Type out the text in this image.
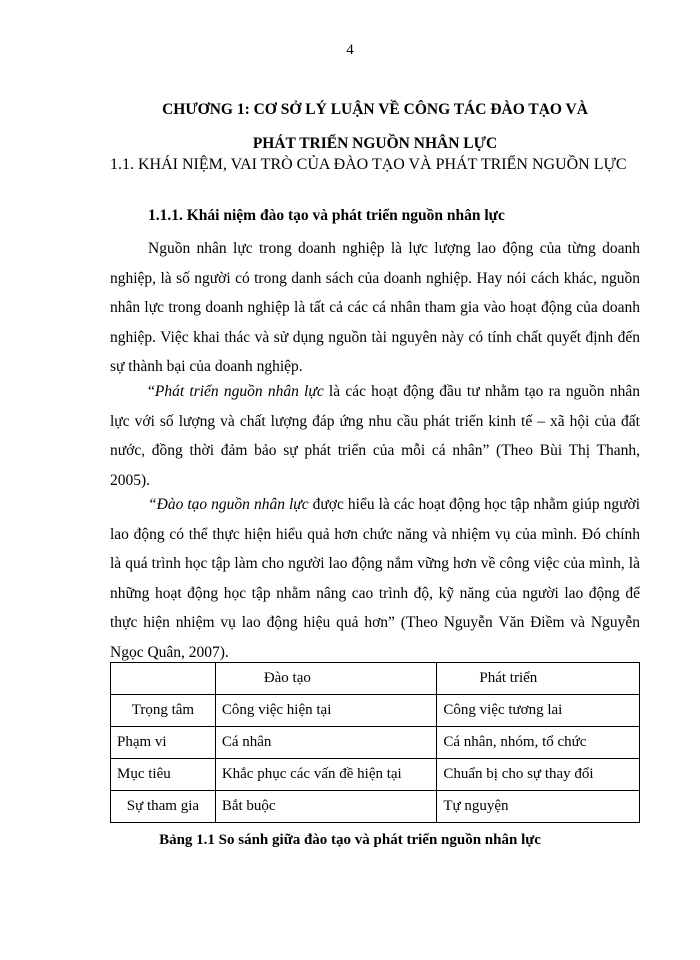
4
CHƯƠNG 1: CƠ SỞ LÝ LUẬN VỀ CÔNG TÁC ĐÀO TẠO VÀ
PHÁT TRIỂN NGUỒN NHÂN LỰC
1.1. KHÁI NIỆM, VAI TRÒ CỦA ĐÀO TẠO VÀ PHÁT TRIỂN NGUỒN LỰC
1.1.1. Khái niệm đào tạo và phát triển nguồn nhân lực

Nguồn nhân lực trong doanh nghiệp là lực lượng lao động của từng doanh nghiệp, là số người có trong danh sách của doanh nghiệp. Hay nói cách khác, nguồn nhân lực trong doanh nghiệp là tất cả các cá nhân tham gia vào hoạt động của doanh nghiệp. Việc khai thác và sử dụng nguồn tài nguyên này có tính chất quyết định đến sự thành bại của doanh nghiệp.

“Phát triển nguồn nhân lực là các hoạt động đầu tư nhằm tạo ra nguồn nhân lực với số lượng và chất lượng đáp ứng nhu cầu phát triển kinh tế – xã hội của đất nước, đồng thời đảm bảo sự phát triển của mỗi cá nhân” (Theo Bùi Thị Thanh, 2005).

“Đào tạo nguồn nhân lực được hiểu là các hoạt động học tập nhằm giúp người lao động có thể thực hiện hiểu quả hơn chức năng và nhiệm vụ của mình. Đó chính là quá trình học tập làm cho người lao động nắm vững hơn về công việc của mình, là những hoạt động học tập nhằm nâng cao trình độ, kỹ năng của người lao động để thực hiện nhiệm vụ lao động hiệu quả hơn” (Theo Nguyễn Văn Điềm và Nguyễn Ngọc Quân, 2007).

	Đào tạo	Phát triển
Trọng tâm	Công việc hiện tại	Công việc tương lai
Phạm vi	Cá nhân	Cá nhân, nhóm, tổ chức
Mục tiêu	Khắc phục các vấn đề hiện tại	Chuẩn bị cho sự thay đổi
Sự tham gia	Bắt buộc	Tự nguyện
Bảng 1.1 So sánh giữa đào tạo và phát triển nguồn nhân lực
